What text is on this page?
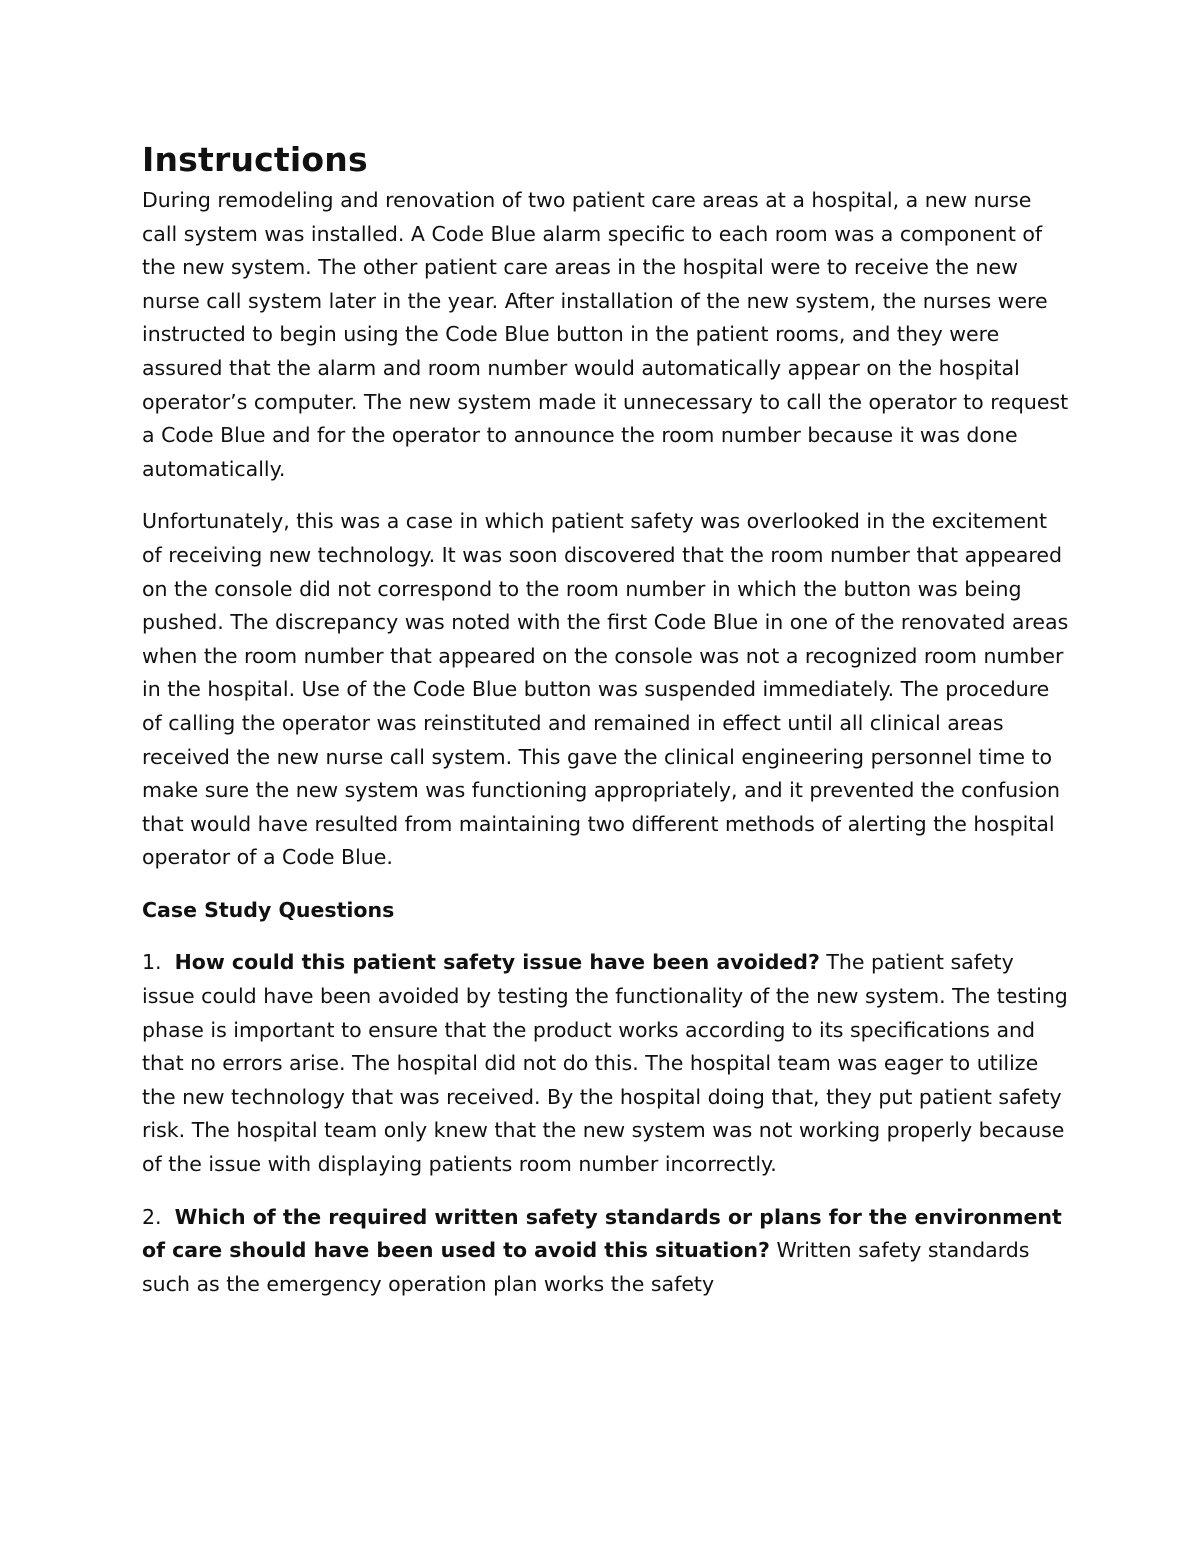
Instructions

During remodeling and renovation of two patient care areas at a hospital, a new nurse call system was installed. A Code Blue alarm specific to each room was a component of the new system. The other patient care areas in the hospital were to receive the new nurse call system later in the year. After installation of the new system, the nurses were instructed to begin using the Code Blue button in the patient rooms, and they were assured that the alarm and room number would automatically appear on the hospital operator’s computer. The new system made it unnecessary to call the operator to request a Code Blue and for the operator to announce the room number because it was done automatically.

Unfortunately, this was a case in which patient safety was overlooked in the excitement of receiving new technology. It was soon discovered that the room number that appeared on the console did not correspond to the room number in which the button was being pushed. The discrepancy was noted with the first Code Blue in one of the renovated areas when the room number that appeared on the console was not a recognized room number in the hospital. Use of the Code Blue button was suspended immediately. The procedure of calling the operator was reinstituted and remained in effect until all clinical areas received the new nurse call system. This gave the clinical engineering personnel time to make sure the new system was functioning appropriately, and it prevented the confusion that would have resulted from maintaining two different methods of alerting the hospital operator of a Code Blue.

Case Study Questions

1. How could this patient safety issue have been avoided? The patient safety issue could have been avoided by testing the functionality of the new system. The testing phase is important to ensure that the product works according to its specifications and that no errors arise. The hospital did not do this. The hospital team was eager to utilize the new technology that was received. By the hospital doing that, they put patient safety risk. The hospital team only knew that the new system was not working properly because of the issue with displaying patients room number incorrectly.

2. Which of the required written safety standards or plans for the environment of care should have been used to avoid this situation? Written safety standards such as the emergency operation plan works the safety
